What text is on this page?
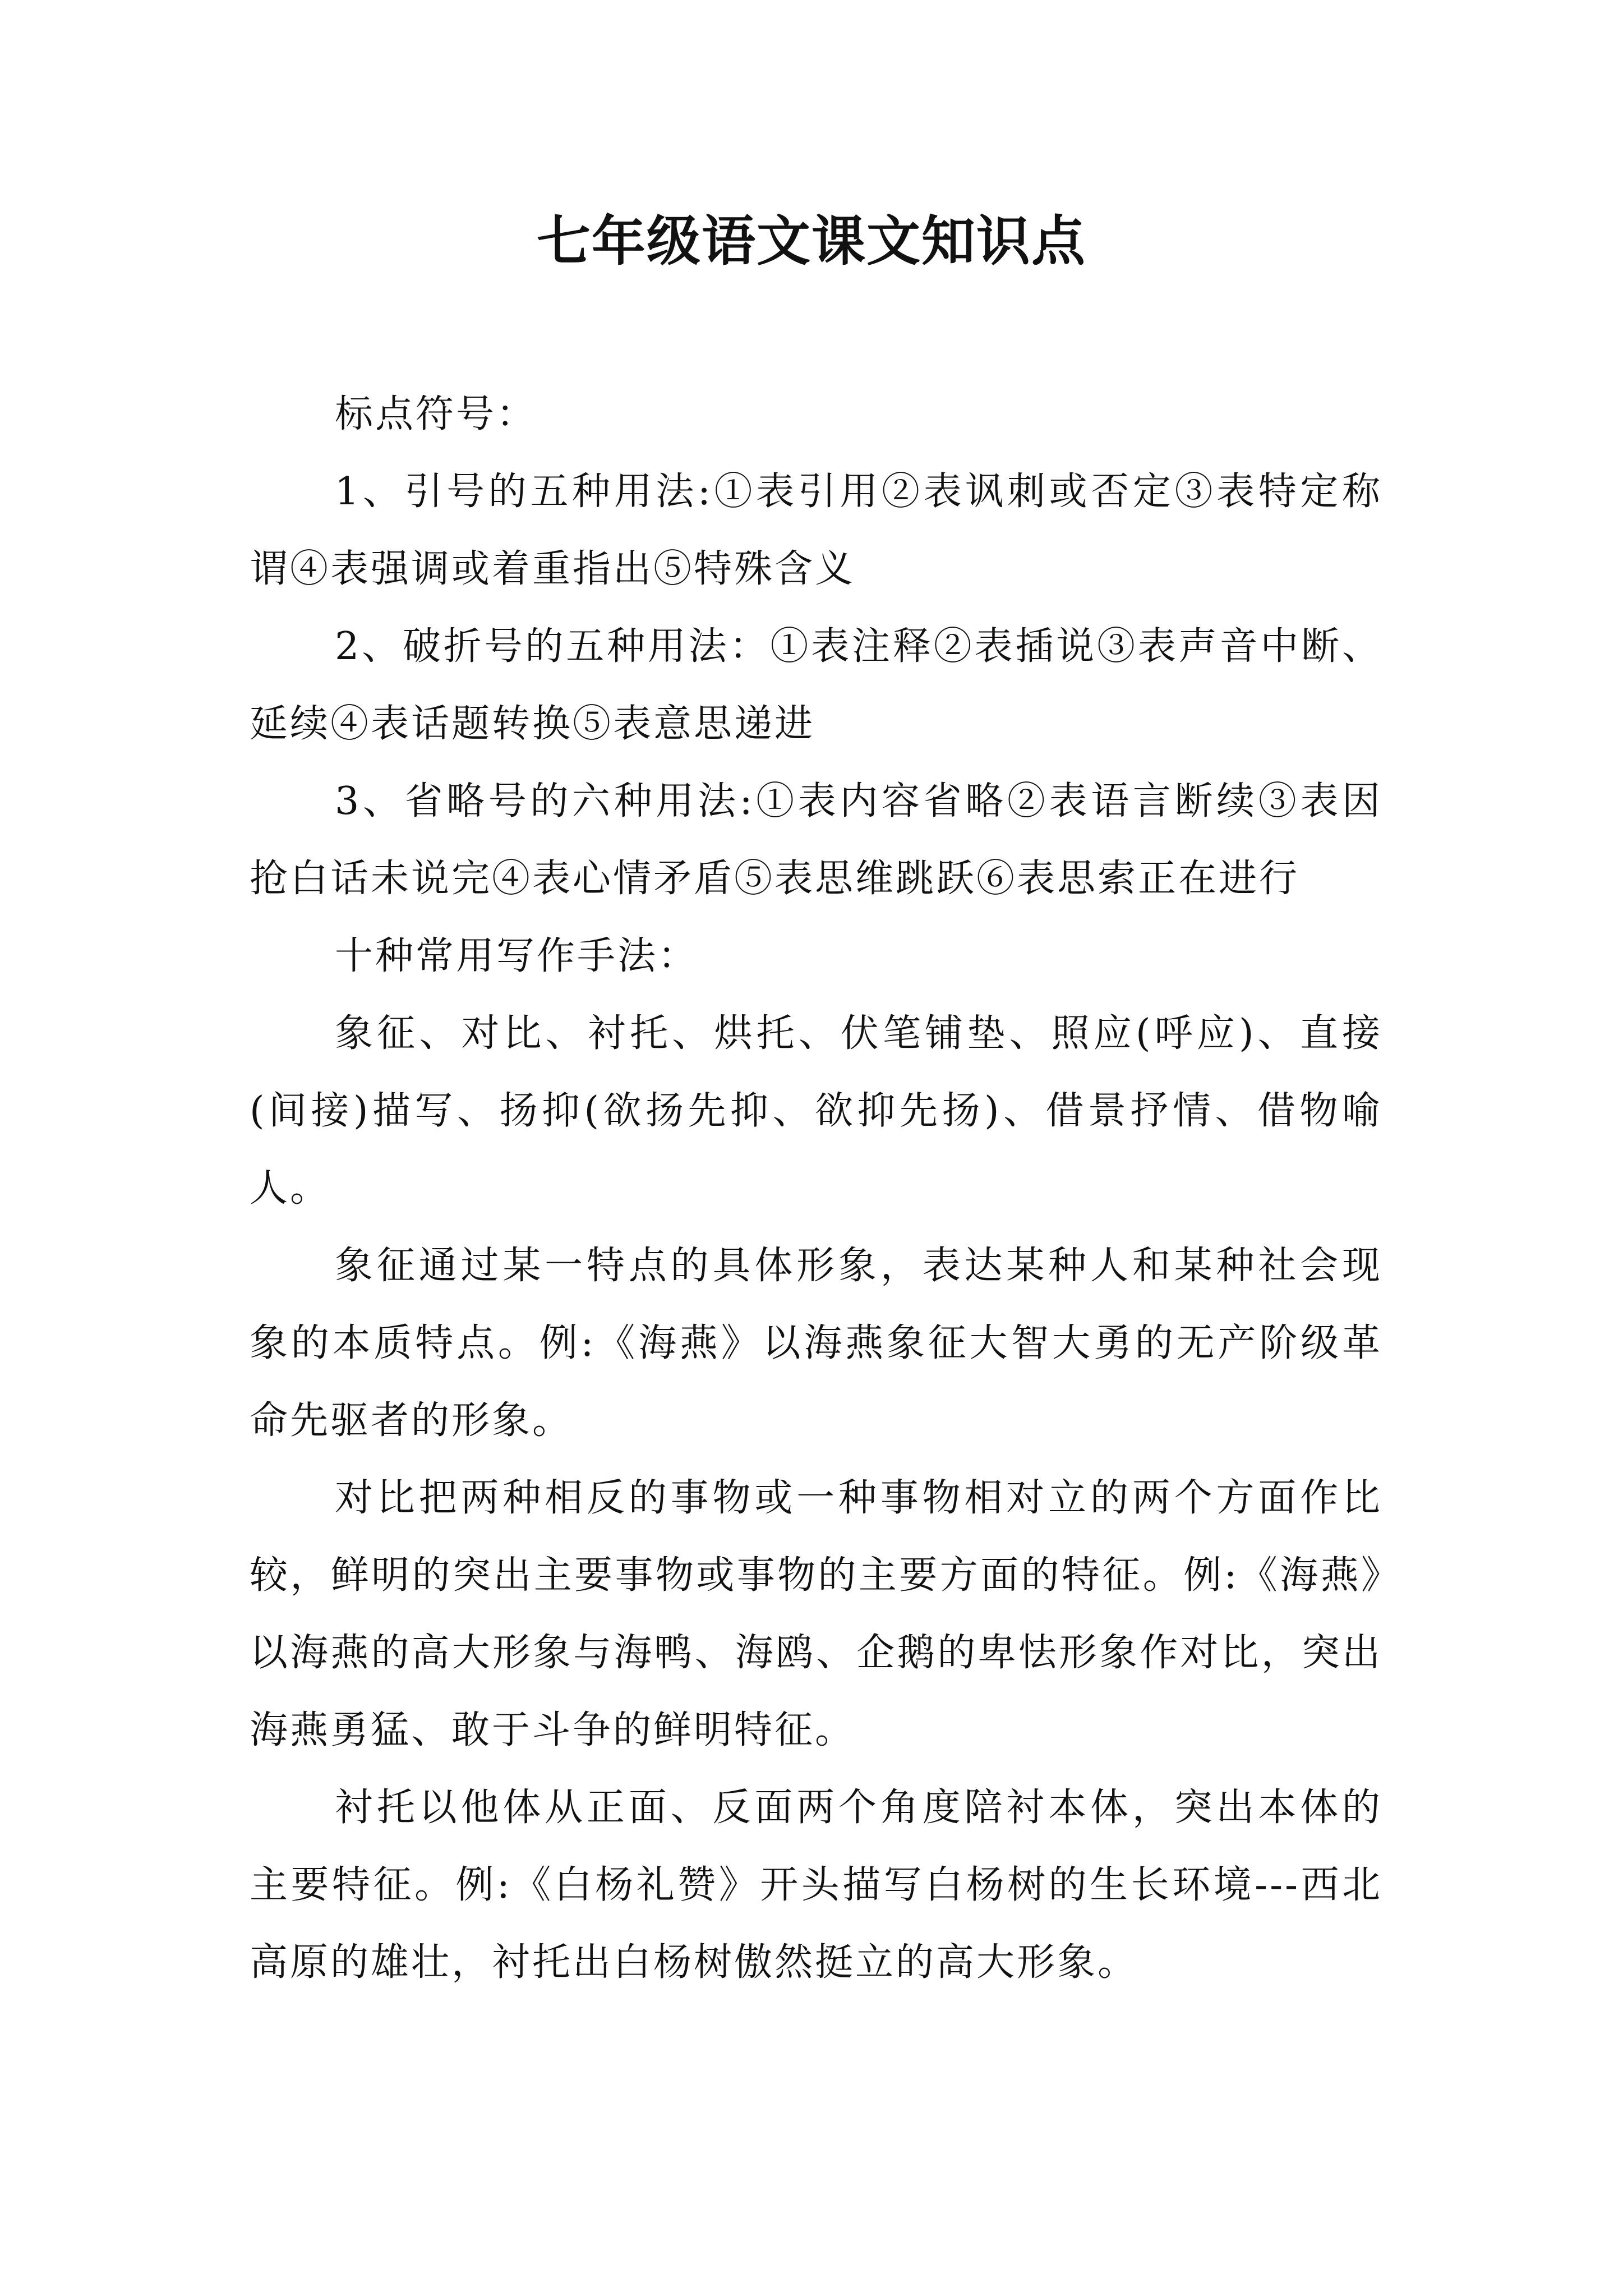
七年级语文课文知识点

标点符号：

1、引号的五种用法:①表引用②表讽刺或否定③表特定称谓④表强调或着重指出⑤特殊含义

2、破折号的五种用法：①表注释②表插说③表声音中断、延续④表话题转换⑤表意思递进

3、省略号的六种用法:①表内容省略②表语言断续③表因抢白话未说完④表心情矛盾⑤表思维跳跃⑥表思索正在进行

十种常用写作手法：

象征、对比、衬托、烘托、伏笔铺垫、照应(呼应)、直接(间接)描写、扬抑(欲扬先抑、欲抑先扬)、借景抒情、借物喻人。

象征通过某一特点的具体形象，表达某种人和某种社会现象的本质特点。例:《海燕》以海燕象征大智大勇的无产阶级革命先驱者的形象。

对比把两种相反的事物或一种事物相对立的两个方面作比较，鲜明的突出主要事物或事物的主要方面的特征。例:《海燕》以海燕的高大形象与海鸭、海鸥、企鹅的卑怯形象作对比，突出海燕勇猛、敢于斗争的鲜明特征。

衬托以他体从正面、反面两个角度陪衬本体，突出本体的主要特征。例:《白杨礼赞》开头描写白杨树的生长环境---西北高原的雄壮，衬托出白杨树傲然挺立的高大形象。
